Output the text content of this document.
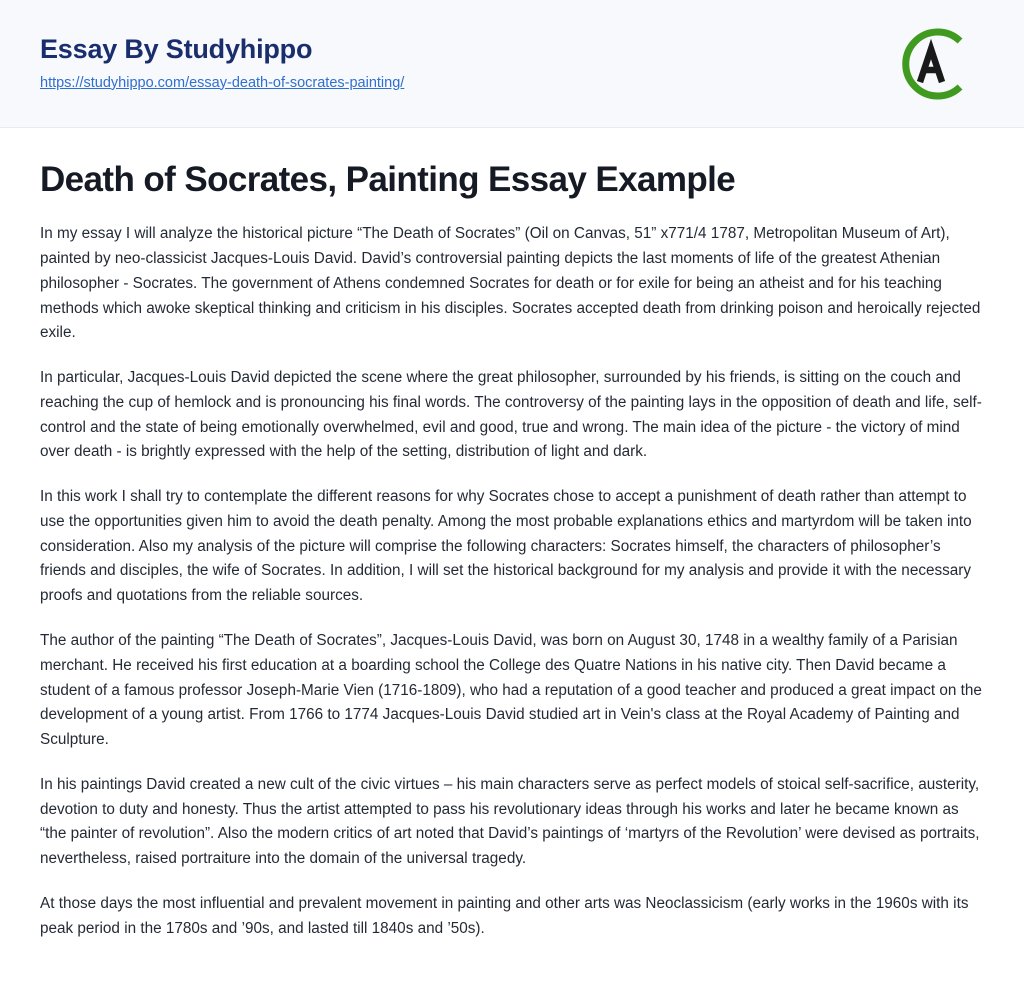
Essay By Studyhippo
https://studyhippo.com/essay-death-of-socrates-painting/
Death of Socrates, Painting Essay Example

In my essay I will analyze the historical picture “The Death of Socrates” (Oil on Canvas, 51” x771/4 1787, Metropolitan Museum of Art), painted by neo-classicist Jacques-Louis David. David’s controversial painting depicts the last moments of life of the greatest Athenian philosopher - Socrates. The government of Athens condemned Socrates for death or for exile for being an atheist and for his teaching methods which awoke skeptical thinking and criticism in his disciples. Socrates accepted death from drinking poison and heroically rejected exile.

In particular, Jacques-Louis David depicted the scene where the great philosopher, surrounded by his friends, is sitting on the couch and reaching the cup of hemlock and is pronouncing his final words. The controversy of the painting lays in the opposition of death and life, self-control and the state of being emotionally overwhelmed, evil and good, true and wrong. The main idea of the picture - the victory of mind over death - is brightly expressed with the help of the setting, distribution of light and dark.

In this work I shall try to contemplate the different reasons for why Socrates chose to accept a punishment of death rather than attempt to use the opportunities given him to avoid the death penalty. Among the most probable explanations ethics and martyrdom will be taken into consideration. Also my analysis of the picture will comprise the following characters: Socrates himself, the characters of philosopher’s friends and disciples, the wife of Socrates. In addition, I will set the historical background for my analysis and provide it with the necessary proofs and quotations from the reliable sources.

The author of the painting “The Death of Socrates”, Jacques-Louis David, was born on August 30, 1748 in a wealthy family of a Parisian merchant. He received his first education at a boarding school the College des Quatre Nations in his native city. Then David became a student of a famous professor Joseph-Marie Vien (1716-1809), who had a reputation of a good teacher and produced a great impact on the development of a young artist. From 1766 to 1774 Jacques-Louis David studied art in Vein's class at the Royal Academy of Painting and Sculpture.

In his paintings David created a new cult of the civic virtues – his main characters serve as perfect models of stoical self-sacrifice, austerity, devotion to duty and honesty. Thus the artist attempted to pass his revolutionary ideas through his works and later he became known as “the painter of revolution”. Also the modern critics of art noted that David’s paintings of ‘martyrs of the Revolution’ were devised as portraits, nevertheless, raised portraiture into the domain of the universal tragedy.

At those days the most influential and prevalent movement in painting and other arts was Neoclassicism (early works in the 1960s with its peak period in the 1780s and ’90s, and lasted till 1840s and ’50s).
